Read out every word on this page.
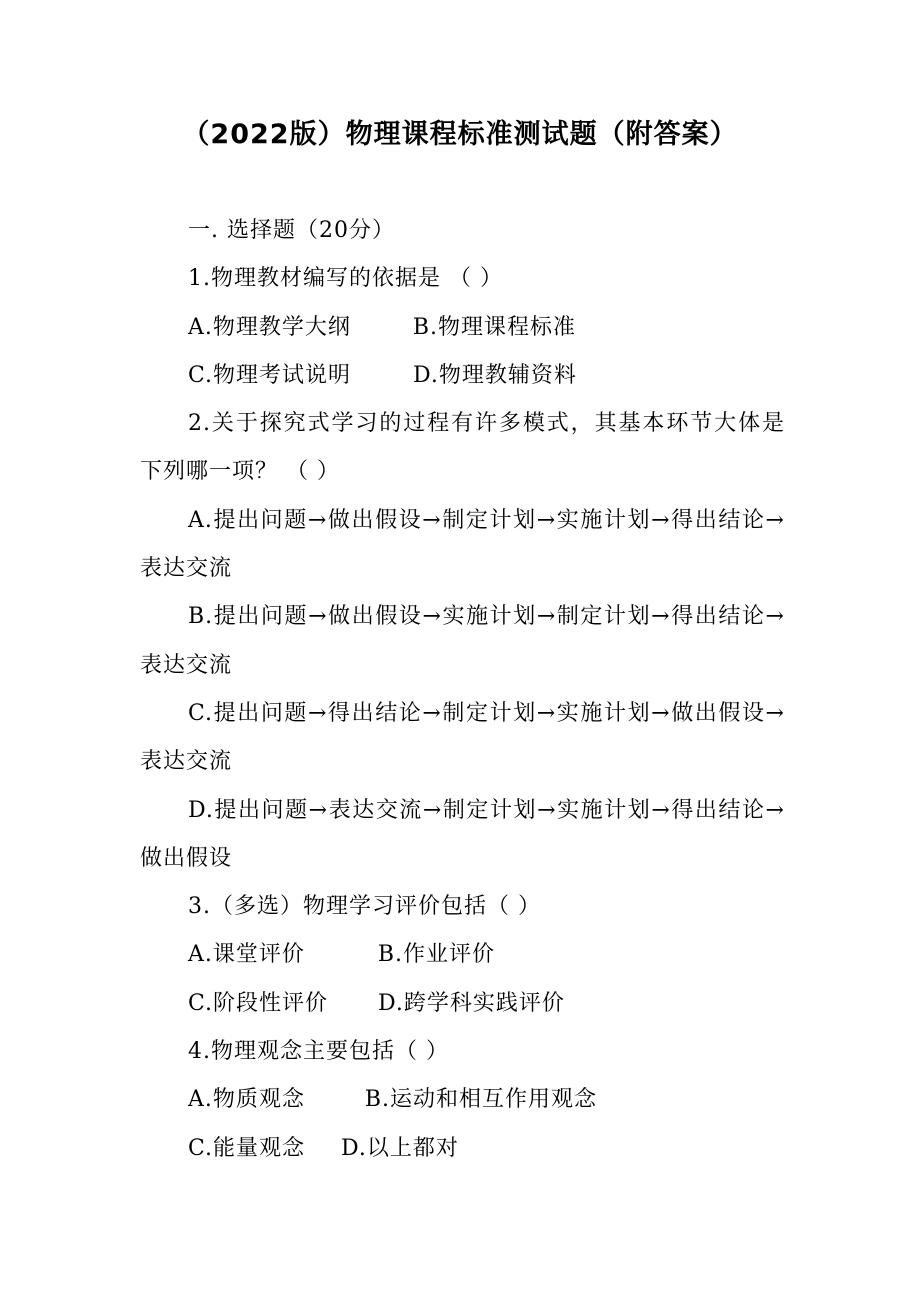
（2022版）物理课程标准测试题（附答案）
一. 选择题（20分）
1.物理教材编写的依据是 （ ）
A.物理教学大纲	B.物理课程标准
C.物理考试说明	D.物理教辅资料
2.关于探究式学习的过程有许多模式，其基本环节大体是下列哪一项？ （ ）
A.提出问题→做出假设→制定计划→实施计划→得出结论→表达交流
B.提出问题→做出假设→实施计划→制定计划→得出结论→表达交流
C.提出问题→得出结论→制定计划→实施计划→做出假设→表达交流
D.提出问题→表达交流→制定计划→实施计划→得出结论→做出假设
3.（多选）物理学习评价包括（ ）
A.课堂评价	B.作业评价
C.阶段性评价 D.跨学科实践评价
4.物理观念主要包括（ ）
A.物质观念	B.运动和相互作用观念
C.能量观念 D.以上都对
